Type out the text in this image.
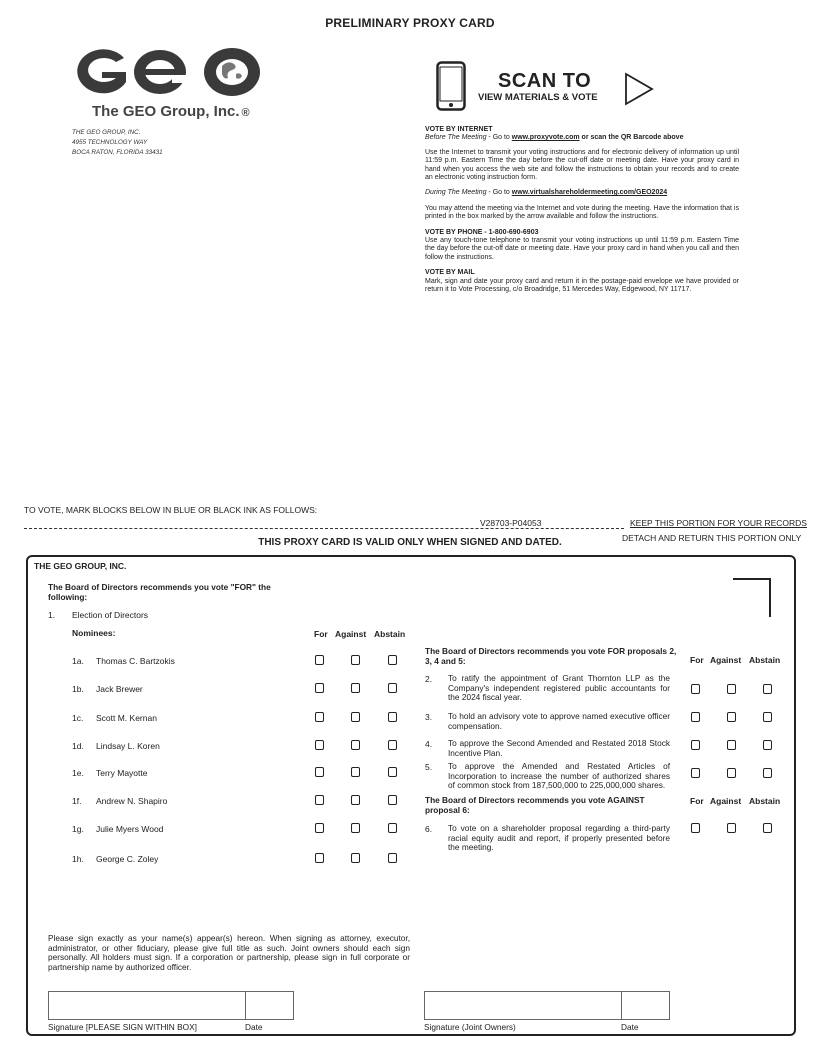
PRELIMINARY PROXY CARD
The GEO Group, Inc. ®
THE GEO GROUP, INC.
4955 TECHNOLOGY WAY
BOCA RATON, FLORIDA 33431
SCAN TO
VIEW MATERIALS & VOTE
VOTE BY INTERNET

Before The Meeting - Go to www.proxyvote.com or scan the QR Barcode above

Use the Internet to transmit your voting instructions and for electronic delivery of information up until 11:59 p.m. Eastern Time the day before the cut-off date or meeting date. Have your proxy card in hand when you access the web site and follow the instructions to obtain your records and to create an electronic voting instruction form.

During The Meeting - Go to www.virtualshareholdermeeting.com/GEO2024

You may attend the meeting via the Internet and vote during the meeting. Have the information that is printed in the box marked by the arrow available and follow the instructions.

VOTE BY PHONE - 1-800-690-6903

Use any touch-tone telephone to transmit your voting instructions up until 11:59 p.m. Eastern Time the day before the cut-off date or meeting date. Have your proxy card in hand when you call and then follow the instructions.

VOTE BY MAIL

Mark, sign and date your proxy card and return it in the postage-paid envelope we have provided or return it to Vote Processing, c/o Broadridge, 51 Mercedes Way, Edgewood, NY 11717.

TO VOTE, MARK BLOCKS BELOW IN BLUE OR BLACK INK AS FOLLOWS:
V28703-P04053	KEEP THIS PORTION FOR YOUR RECORDS
THIS PROXY CARD IS VALID ONLY WHEN SIGNED AND DATED.	DETACH AND RETURN THIS PORTION ONLY
THE GEO GROUP, INC.
The Board of Directors recommends you vote "FOR" the following:
1. Election of Directors
Nominees:	For Against Abstain
1a. Thomas C. Bartzokis
1b. Jack Brewer
1c. Scott M. Kernan
1d. Lindsay L. Koren
1e. Terry Mayotte
1f. Andrew N. Shapiro
1g. Julie Myers Wood
1h. George C. Zoley
The Board of Directors recommends you vote FOR proposals 2, 3, 4 and 5:	For Against Abstain
2. To ratify the appointment of Grant Thornton LLP as the Company's independent registered public accountants for the 2024 fiscal year.
3. To hold an advisory vote to approve named executive officer compensation.
4. To approve the Second Amended and Restated 2018 Stock Incentive Plan.
5. To approve the Amended and Restated Articles of Incorporation to increase the number of authorized shares of common stock from 187,500,000 to 225,000,000 shares.
The Board of Directors recommends you vote AGAINST proposal 6:
For Against Abstain
6. To vote on a shareholder proposal regarding a third-party racial equity audit and report, if properly presented before the meeting.
Please sign exactly as your name(s) appear(s) hereon. When signing as attorney, executor, administrator, or other fiduciary, please give full title as such. Joint owners should each sign personally. All holders must sign. If a corporation or partnership, please sign in full corporate or partnership name by authorized officer.
Signature [PLEASE SIGN WITHIN BOX]	Date	Signature (Joint Owners)	Date
